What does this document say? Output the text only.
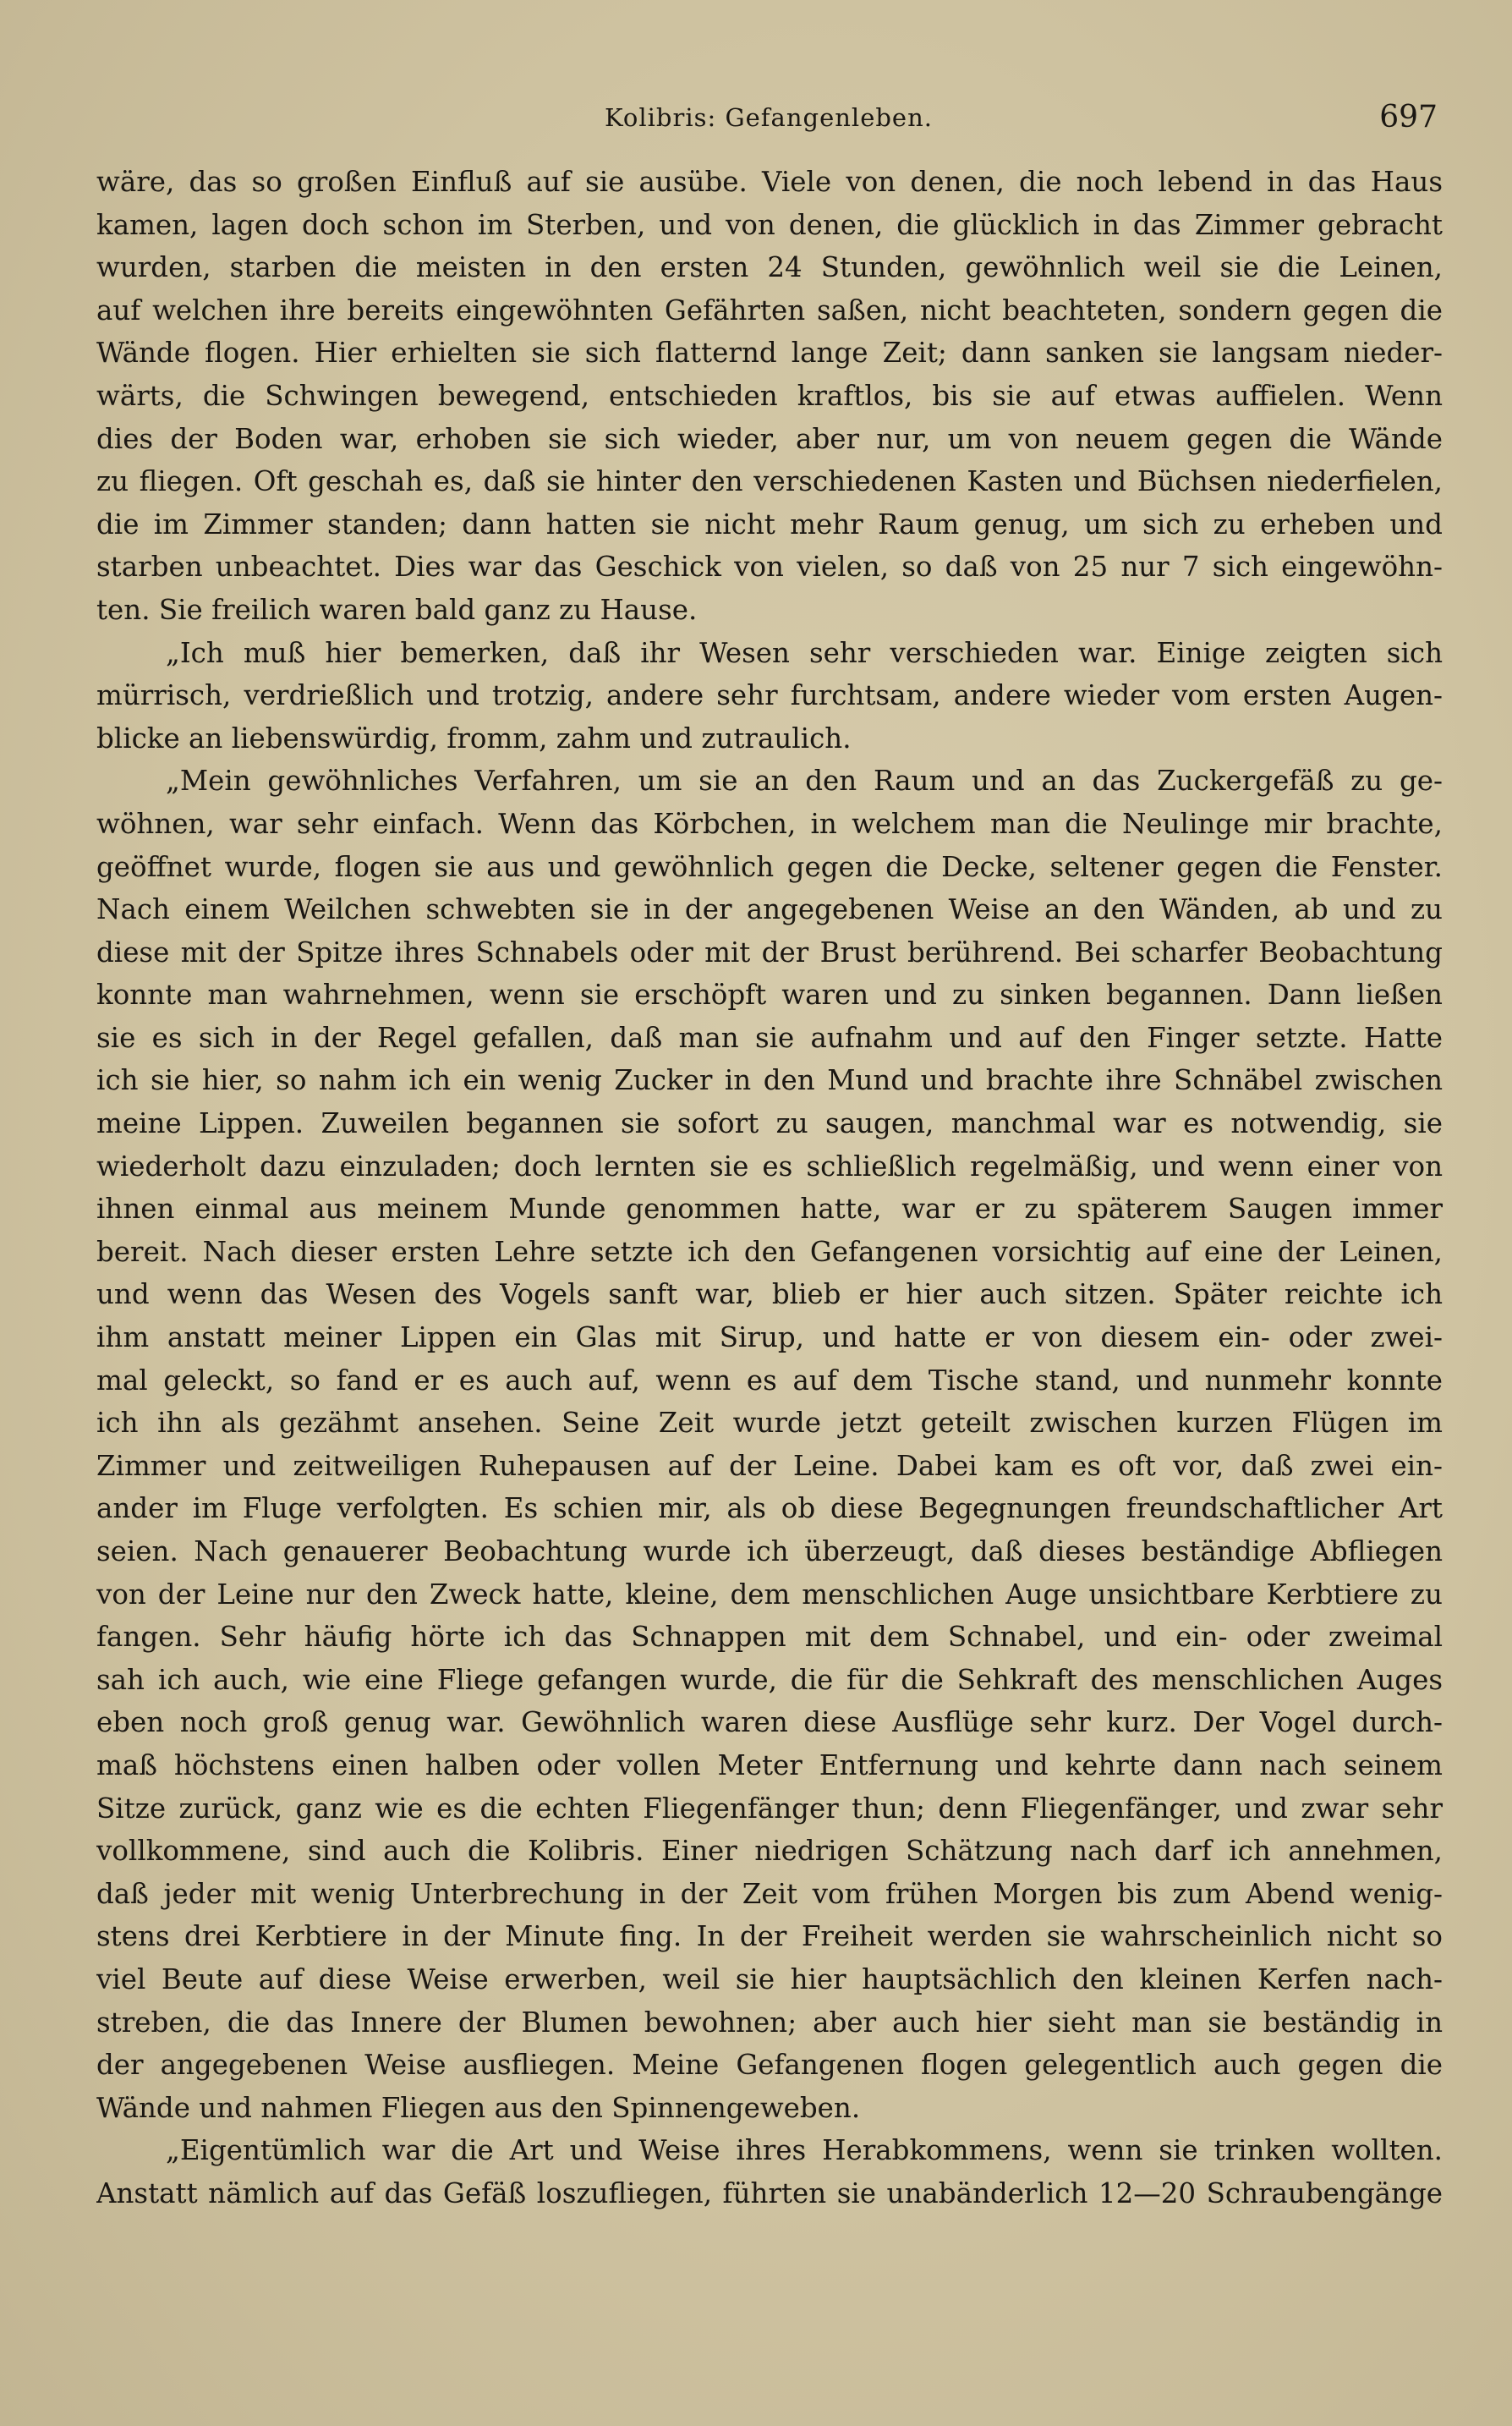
Kolibris: Gefangenleben.	697
wäre, das so großen Einfluß auf sie ausübe. Viele von denen, die noch lebend in das Haus
kamen, lagen doch schon im Sterben, und von denen, die glücklich in das Zimmer gebracht
wurden, starben die meisten in den ersten 24 Stunden, gewöhnlich weil sie die Leinen,
auf welchen ihre bereits eingewöhnten Gefährten saßen, nicht beachteten, sondern gegen die
Wände flogen. Hier erhielten sie sich flatternd lange Zeit; dann sanken sie langsam nieder-
wärts, die Schwingen bewegend, entschieden kraftlos, bis sie auf etwas auffielen. Wenn
dies der Boden war, erhoben sie sich wieder, aber nur, um von neuem gegen die Wände
zu fliegen. Oft geschah es, daß sie hinter den verschiedenen Kasten und Büchsen niederfielen,
die im Zimmer standen; dann hatten sie nicht mehr Raum genug, um sich zu erheben und
starben unbeachtet. Dies war das Geschick von vielen, so daß von 25 nur 7 sich eingewöhn-
ten. Sie freilich waren bald ganz zu Hause.
„Ich muß hier bemerken, daß ihr Wesen sehr verschieden war. Einige zeigten sich
mürrisch, verdrießlich und trotzig, andere sehr furchtsam, andere wieder vom ersten Augen-
blicke an liebenswürdig, fromm, zahm und zutraulich.
„Mein gewöhnliches Verfahren, um sie an den Raum und an das Zuckergefäß zu ge-
wöhnen, war sehr einfach. Wenn das Körbchen, in welchem man die Neulinge mir brachte,
geöffnet wurde, flogen sie aus und gewöhnlich gegen die Decke, seltener gegen die Fenster.
Nach einem Weilchen schwebten sie in der angegebenen Weise an den Wänden, ab und zu
diese mit der Spitze ihres Schnabels oder mit der Brust berührend. Bei scharfer Beobachtung
konnte man wahrnehmen, wenn sie erschöpft waren und zu sinken begannen. Dann ließen
sie es sich in der Regel gefallen, daß man sie aufnahm und auf den Finger setzte. Hatte
ich sie hier, so nahm ich ein wenig Zucker in den Mund und brachte ihre Schnäbel zwischen
meine Lippen. Zuweilen begannen sie sofort zu saugen, manchmal war es notwendig, sie
wiederholt dazu einzuladen; doch lernten sie es schließlich regelmäßig, und wenn einer von
ihnen einmal aus meinem Munde genommen hatte, war er zu späterem Saugen immer
bereit. Nach dieser ersten Lehre setzte ich den Gefangenen vorsichtig auf eine der Leinen,
und wenn das Wesen des Vogels sanft war, blieb er hier auch sitzen. Später reichte ich
ihm anstatt meiner Lippen ein Glas mit Sirup, und hatte er von diesem ein- oder zwei-
mal geleckt, so fand er es auch auf, wenn es auf dem Tische stand, und nunmehr konnte
ich ihn als gezähmt ansehen. Seine Zeit wurde jetzt geteilt zwischen kurzen Flügen im
Zimmer und zeitweiligen Ruhepausen auf der Leine. Dabei kam es oft vor, daß zwei ein-
ander im Fluge verfolgten. Es schien mir, als ob diese Begegnungen freundschaftlicher Art
seien. Nach genauerer Beobachtung wurde ich überzeugt, daß dieses beständige Abfliegen
von der Leine nur den Zweck hatte, kleine, dem menschlichen Auge unsichtbare Kerbtiere zu
fangen. Sehr häufig hörte ich das Schnappen mit dem Schnabel, und ein- oder zweimal
sah ich auch, wie eine Fliege gefangen wurde, die für die Sehkraft des menschlichen Auges
eben noch groß genug war. Gewöhnlich waren diese Ausflüge sehr kurz. Der Vogel durch-
maß höchstens einen halben oder vollen Meter Entfernung und kehrte dann nach seinem
Sitze zurück, ganz wie es die echten Fliegenfänger thun; denn Fliegenfänger, und zwar sehr
vollkommene, sind auch die Kolibris. Einer niedrigen Schätzung nach darf ich annehmen,
daß jeder mit wenig Unterbrechung in der Zeit vom frühen Morgen bis zum Abend wenig-
stens drei Kerbtiere in der Minute fing. In der Freiheit werden sie wahrscheinlich nicht so
viel Beute auf diese Weise erwerben, weil sie hier hauptsächlich den kleinen Kerfen nach-
streben, die das Innere der Blumen bewohnen; aber auch hier sieht man sie beständig in
der angegebenen Weise ausfliegen. Meine Gefangenen flogen gelegentlich auch gegen die
Wände und nahmen Fliegen aus den Spinnengeweben.
„Eigentümlich war die Art und Weise ihres Herabkommens, wenn sie trinken wollten.
Anstatt nämlich auf das Gefäß loszufliegen, führten sie unabänderlich 12—20 Schraubengänge
